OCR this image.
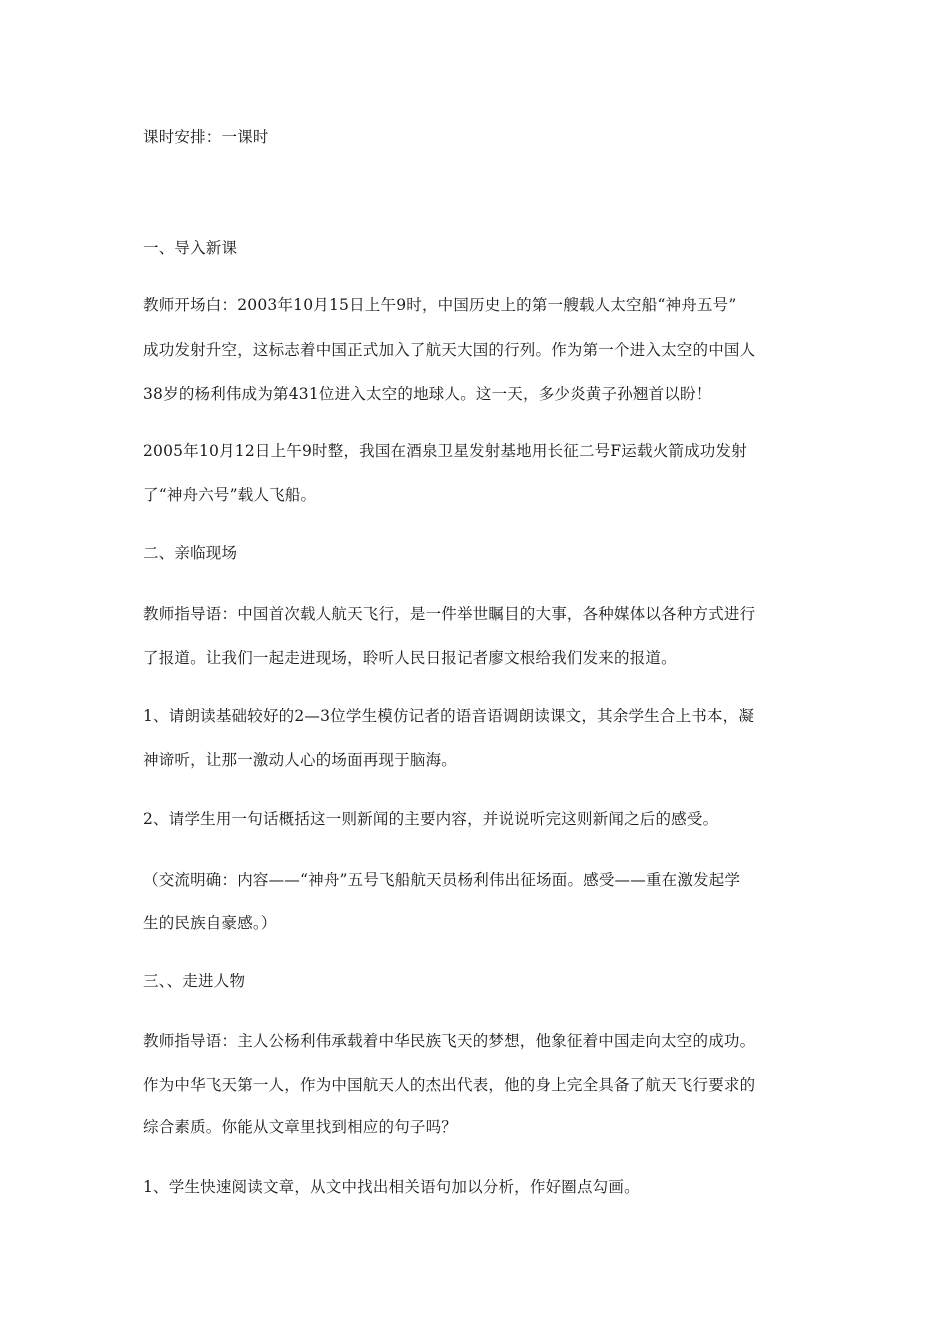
课时安排：一课时

一、导入新课

教师开场白：2003年10月15日上午9时，中国历史上的第一艘载人太空船“神舟五号”

成功发射升空，这标志着中国正式加入了航天大国的行列。作为第一个进入太空的中国人

38岁的杨利伟成为第431位进入太空的地球人。这一天，多少炎黄子孙翘首以盼！

2005年10月12日上午9时整，我国在酒泉卫星发射基地用长征二号F运载火箭成功发射

了“神舟六号”载人飞船。

二、亲临现场

教师指导语：中国首次载人航天飞行，是一件举世瞩目的大事，各种媒体以各种方式进行

了报道。让我们一起走进现场，聆听人民日报记者廖文根给我们发来的报道。

1、请朗读基础较好的2—3位学生模仿记者的语音语调朗读课文，其余学生合上书本，凝

神谛听，让那一激动人心的场面再现于脑海。

2、请学生用一句话概括这一则新闻的主要内容，并说说听完这则新闻之后的感受。

（交流明确：内容——“神舟”五号飞船航天员杨利伟出征场面。感受——重在激发起学

生的民族自豪感。）

三、、走进人物

教师指导语：主人公杨利伟承载着中华民族飞天的梦想，他象征着中国走向太空的成功。

作为中华飞天第一人，作为中国航天人的杰出代表，他的身上完全具备了航天飞行要求的

综合素质。你能从文章里找到相应的句子吗？

1、学生快速阅读文章，从文中找出相关语句加以分析，作好圈点勾画。
